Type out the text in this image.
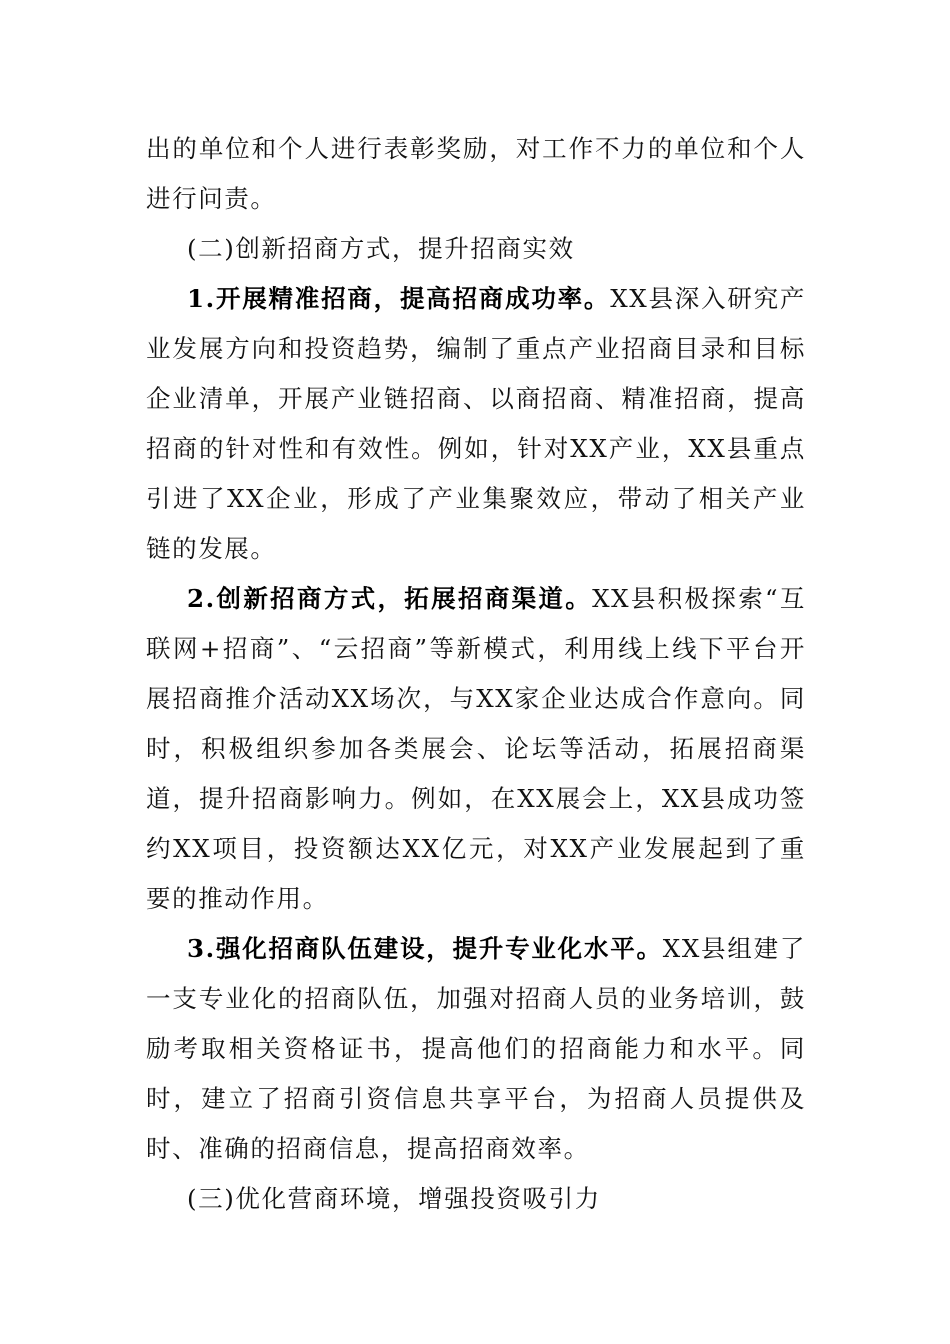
出的单位和个人进行表彰奖励，对工作不力的单位和个人进行问责。

(二)创新招商方式，提升招商实效

1.开展精准招商，提高招商成功率。XX县深入研究产业发展方向和投资趋势，编制了重点产业招商目录和目标企业清单，开展产业链招商、以商招商、精准招商，提高招商的针对性和有效性。例如，针对XX产业，XX县重点引进了XX企业，形成了产业集聚效应，带动了相关产业链的发展。

2.创新招商方式，拓展招商渠道。XX县积极探索“互联网+招商”、“云招商”等新模式，利用线上线下平台开展招商推介活动XX场次，与XX家企业达成合作意向。同时，积极组织参加各类展会、论坛等活动，拓展招商渠道，提升招商影响力。例如，在XX展会上，XX县成功签约XX项目，投资额达XX亿元，对XX产业发展起到了重要的推动作用。

3.强化招商队伍建设，提升专业化水平。XX县组建了一支专业化的招商队伍，加强对招商人员的业务培训，鼓励考取相关资格证书，提高他们的招商能力和水平。同时，建立了招商引资信息共享平台，为招商人员提供及时、准确的招商信息，提高招商效率。

(三)优化营商环境，增强投资吸引力
